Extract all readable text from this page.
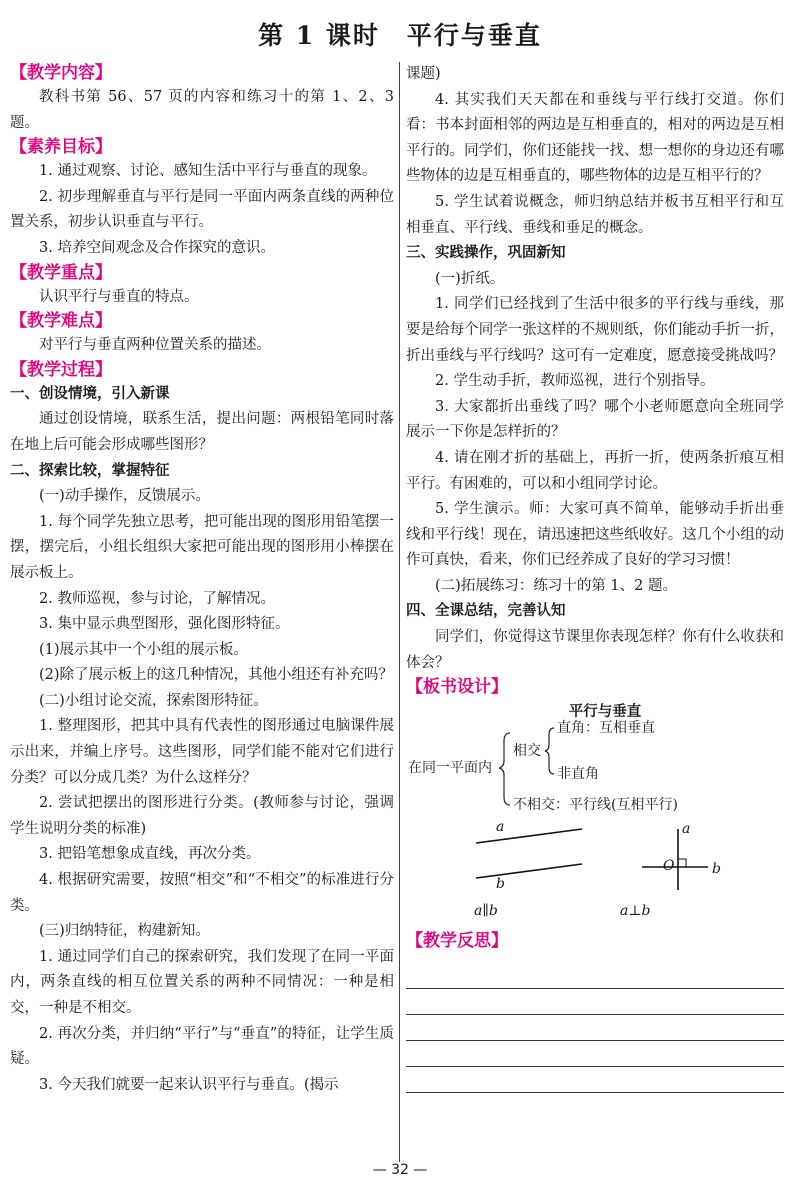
第 1 课时　平行与垂直
【教学内容】
教科书第 56、57 页的内容和练习十的第 1、2、3 题。
【素养目标】
1. 通过观察、讨论、感知生活中平行与垂直的现象。
2. 初步理解垂直与平行是同一平面内两条直线的两种位置关系，初步认识垂直与平行。
3. 培养空间观念及合作探究的意识。
【教学重点】
认识平行与垂直的特点。
【教学难点】
对平行与垂直两种位置关系的描述。
【教学过程】
一、创设情境，引入新课
通过创设情境，联系生活，提出问题：两根铅笔同时落在地上后可能会形成哪些图形？
二、探索比较，掌握特征
(一)动手操作，反馈展示。
1. 每个同学先独立思考，把可能出现的图形用铅笔摆一摆，摆完后，小组长组织大家把可能出现的图形用小棒摆在展示板上。
2. 教师巡视，参与讨论，了解情况。
3. 集中显示典型图形，强化图形特征。
(1)展示其中一个小组的展示板。
(2)除了展示板上的这几种情况，其他小组还有补充吗？
(二)小组讨论交流，探索图形特征。
1. 整理图形，把其中具有代表性的图形通过电脑课件展示出来，并编上序号。这些图形，同学们能不能对它们进行分类？可以分成几类？为什么这样分？
2. 尝试把摆出的图形进行分类。(教师参与讨论，强调学生说明分类的标准)
3. 把铅笔想象成直线，再次分类。
4. 根据研究需要，按照“相交”和“不相交”的标准进行分类。
(三)归纳特征，构建新知。
1. 通过同学们自己的探索研究，我们发现了在同一平面内，两条直线的相互位置关系的两种不同情况：一种是相交，一种是不相交。
2. 再次分类，并归纳“平行”与“垂直”的特征，让学生质疑。
3. 今天我们就要一起来认识平行与垂直。(揭示
课题)
4. 其实我们天天都在和垂线与平行线打交道。你们看：书本封面相邻的两边是互相垂直的，相对的两边是互相平行的。同学们，你们还能找一找、想一想你的身边还有哪些物体的边是互相垂直的，哪些物体的边是互相平行的？
5. 学生试着说概念，师归纳总结并板书互相平行和互相垂直、平行线、垂线和垂足的概念。
三、实践操作，巩固新知
(一)折纸。
1. 同学们已经找到了生活中很多的平行线与垂线，那要是给每个同学一张这样的不规则纸，你们能动手折一折，折出垂线与平行线吗？这可有一定难度，愿意接受挑战吗？
2. 学生动手折，教师巡视，进行个别指导。
3. 大家都折出垂线了吗？哪个小老师愿意向全班同学展示一下你是怎样折的？
4. 请在刚才折的基础上，再折一折，使两条折痕互相平行。有困难的，可以和小组同学讨论。
5. 学生演示。师：大家可真不简单，能够动手折出垂线和平行线！现在，请迅速把这些纸收好。这几个小组的动作可真快，看来，你们已经养成了良好的学习习惯！
(二)拓展练习：练习十的第 1、2 题。
四、全课总结，完善认知
同学们，你觉得这节课里你表现怎样？你有什么收获和体会？
【板书设计】
平行与垂直
在同一平面内
相交
直角：互相垂直
非直角
不相交：平行线(互相平行)
a
b
a
O	b
a∥b	a⊥b
【教学反思】
— 32 —
